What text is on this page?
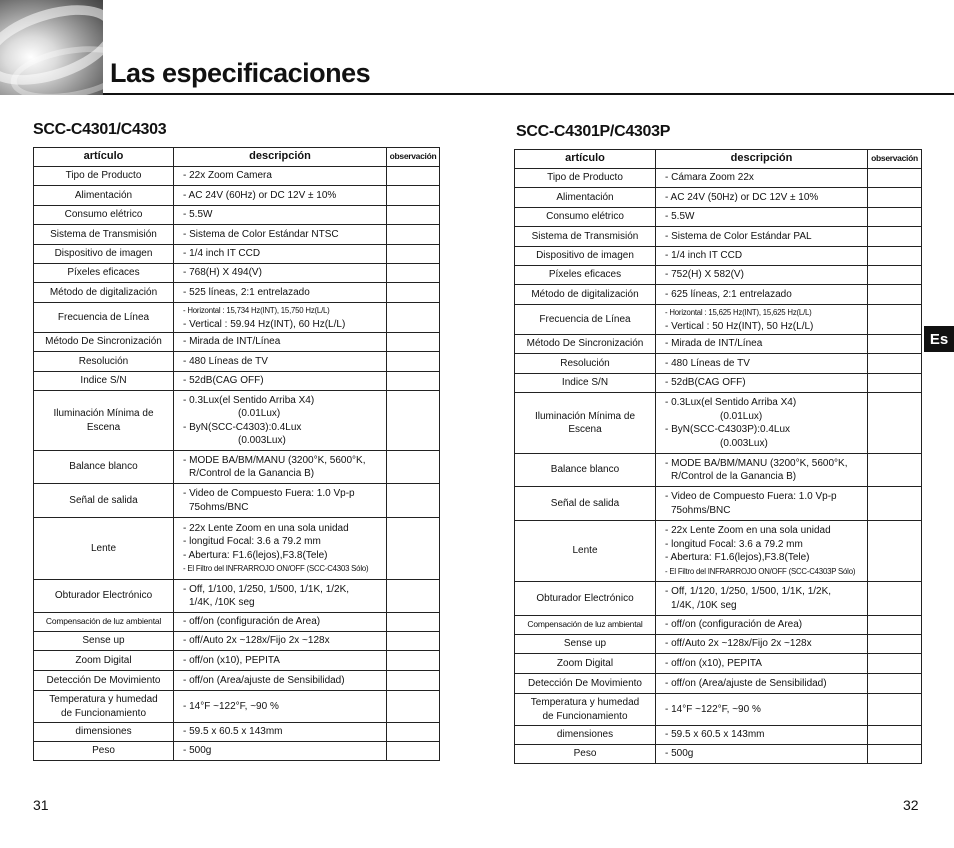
Las especificaciones
SCC-C4301/C4303	SCC-C4301P/C4303P
artículo	descripción	observación

Tipo de Producto	- 22x Zoom Camera	

Alimentación	- AC 24V (60Hz) or DC 12V ± 10%	

Consumo elétrico	- 5.5W	

Sistema de Transmisión	- Sistema de Color Estándar NTSC	

Dispositivo de imagen	- 1/4 inch IT CCD	

Píxeles eficaces	- 768(H) X 494(V)	

Método de digitalización	- 525 líneas, 2:1 entrelazado	

Frecuencia de Línea	- Horizontal : 15,734 Hz(INT), 15,750 Hz(L/L)
- Vertical : 59.94 Hz(INT), 60 Hz(L/L)	

Método De Sincronización	- Mirada de INT/Línea	

Resolución	- 480 Líneas de TV	

Indice S/N	- 52dB(CAG OFF)	

Iluminación Mínima de
Escena	- 0.3Lux(el Sentido Arriba X4)
(0.01Lux)
- ByN(SCC-C4303):0.4Lux
(0.003Lux)	

Balance blanco	- MODE BA/BM/MANU (3200°K, 5600°K,
R/Control de la Ganancia B)	

Señal de salida	- Video de Compuesto Fuera: 1.0 Vp-p
75ohms/BNC	

Lente	- 22x Lente Zoom en una sola unidad
- longitud Focal: 3.6 a 79.2 mm
- Abertura: F1.6(lejos),F3.8(Tele)
- El Filtro del INFRARROJO ON/OFF (SCC-C4303 Sólo)	

Obturador Electrónico	- Off, 1/100, 1/250, 1/500, 1/1K, 1/2K,
1/4K, /10K seg	

Compensación de luz ambiental	- off/on (configuración de Area)	

Sense up	- off/Auto 2x ~128x/Fijo 2x ~128x	

Zoom Digital	- off/on (x10), PEPITA	

Detección De Movimiento	- off/on (Area/ajuste de Sensibilidad)	

Temperatura y humedad
de Funcionamiento	- 14°F ~122°F, ~90 %	

dimensiones	- 59.5 x 60.5 x 143mm	

Peso	- 500g	

artículo	descripción	observación

Tipo de Producto	- Cámara Zoom 22x	

Alimentación	- AC 24V (50Hz) or DC 12V ± 10%	

Consumo elétrico	- 5.5W	

Sistema de Transmisión	- Sistema de Color Estándar PAL	

Dispositivo de imagen	- 1/4 inch IT CCD	

Píxeles eficaces	- 752(H) X 582(V)	

Método de digitalización	- 625 líneas, 2:1 entrelazado	

Frecuencia de Línea	- Horizontal : 15,625 Hz(INT), 15,625 Hz(L/L)
- Vertical : 50 Hz(INT), 50 Hz(L/L)	

Método De Sincronización	- Mirada de INT/Línea	

Resolución	- 480 Líneas de TV	

Indice S/N	- 52dB(CAG OFF)	

Iluminación Mínima de
Escena	- 0.3Lux(el Sentido Arriba X4)
(0.01Lux)
- ByN(SCC-C4303P):0.4Lux
(0.003Lux)	

Balance blanco	- MODE BA/BM/MANU (3200°K, 5600°K,
R/Control de la Ganancia B)	

Señal de salida	- Video de Compuesto Fuera: 1.0 Vp-p
75ohms/BNC	

Lente	- 22x Lente Zoom en una sola unidad
- longitud Focal: 3.6 a 79.2 mm
- Abertura: F1.6(lejos),F3.8(Tele)
- El Filtro del INFRARROJO ON/OFF (SCC-C4303P Sólo)	

Obturador Electrónico	- Off, 1/120, 1/250, 1/500, 1/1K, 1/2K,
1/4K, /10K seg	

Compensación de luz ambiental	- off/on (configuración de Area)	

Sense up	- off/Auto 2x ~128x/Fijo 2x ~128x	

Zoom Digital	- off/on (x10), PEPITA	

Detección De Movimiento	- off/on (Area/ajuste de Sensibilidad)	

Temperatura y humedad
de Funcionamiento	- 14°F ~122°F, ~90 %	

dimensiones	- 59.5 x 60.5 x 143mm	

Peso	- 500g	

Es
31	32
